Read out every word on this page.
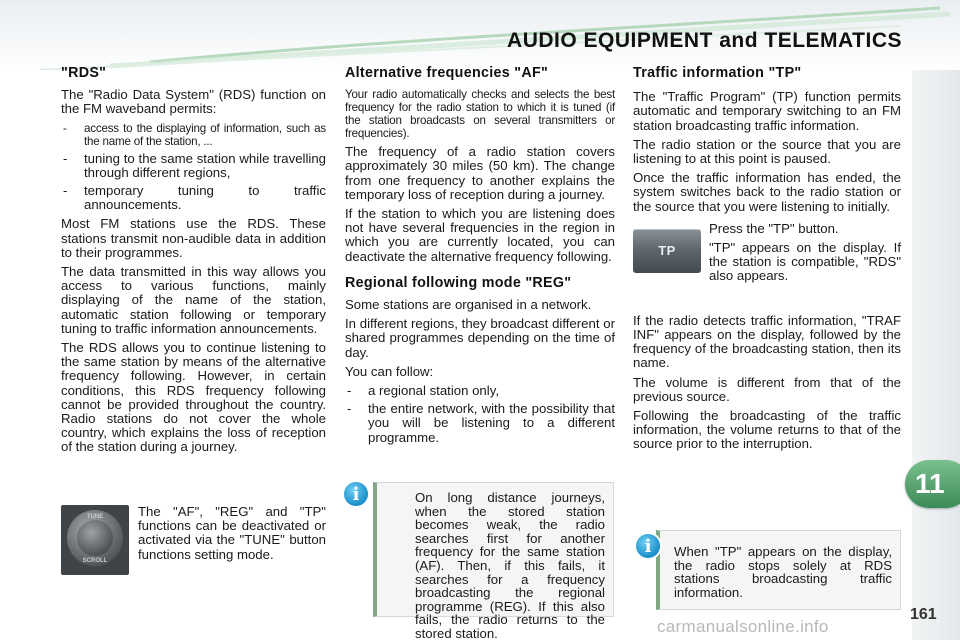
AUDIO EQUIPMENT and TELEMATICS
"RDS"

The "Radio Data System" (RDS) function on the FM waveband permits:

- access to the displaying of information, such as the name of the station, ...
- tuning to the same station while travelling through different regions,
- temporary tuning to traffic announcements.

Most FM stations use the RDS. These stations transmit non-audible data in addition to their programmes.

The data transmitted in this way allows you access to various functions, mainly displaying of the name of the station, automatic station following or temporary tuning to traffic information announcements.

The RDS allows you to continue listening to the same station by means of the alternative frequency following. However, in certain conditions, this RDS frequency following cannot be provided throughout the country. Radio stations do not cover the whole country, which explains the loss of reception of the station during a journey.

TUNE
SCROLL
The "AF", "REG" and "TP" functions can be deactivated or activated via the "TUNE" button functions setting mode.
Alternative frequencies "AF"

Your radio automatically checks and selects the best frequency for the radio station to which it is tuned (if the station broadcasts on several transmitters or frequencies).

The frequency of a radio station covers approximately 30 miles (50 km). The change from one frequency to another explains the temporary loss of reception during a journey.

If the station to which you are listening does not have several frequencies in the region in which you are currently located, you can deactivate the alternative frequency following.

Regional following mode "REG"

Some stations are organised in a network.

In different regions, they broadcast different or shared programmes depending on the time of day.

You can follow:

- a regional station only,
- the entire network, with the possibility that you will be listening to a different programme.
On long distance journeys, when the stored station becomes weak, the radio searches first for another frequency for the same station (AF). Then, if this fails, it searches for a frequency broadcasting the regional programme (REG). If this also fails, the radio returns to the stored station.
i
Traffic information "TP"

The "Traffic Program" (TP) function permits automatic and temporary switching to an FM station broadcasting traffic information.

The radio station or the source that you are listening to at this point is paused.

Once the traffic information has ended, the system switches back to the radio station or the source that you were listening to initially.

TP

Press the "TP" button.

"TP" appears on the display. If the station is compatible, "RDS" also appears.

If the radio detects traffic information, "TRAF INF" appears on the display, followed by the frequency of the broadcasting station, then its name.

The volume is different from that of the previous source.

Following the broadcasting of the traffic information, the volume returns to that of the source prior to the interruption.

When "TP" appears on the display, the radio stops solely at RDS stations broadcasting traffic information.
i
11
161
carmanualsonline.info
